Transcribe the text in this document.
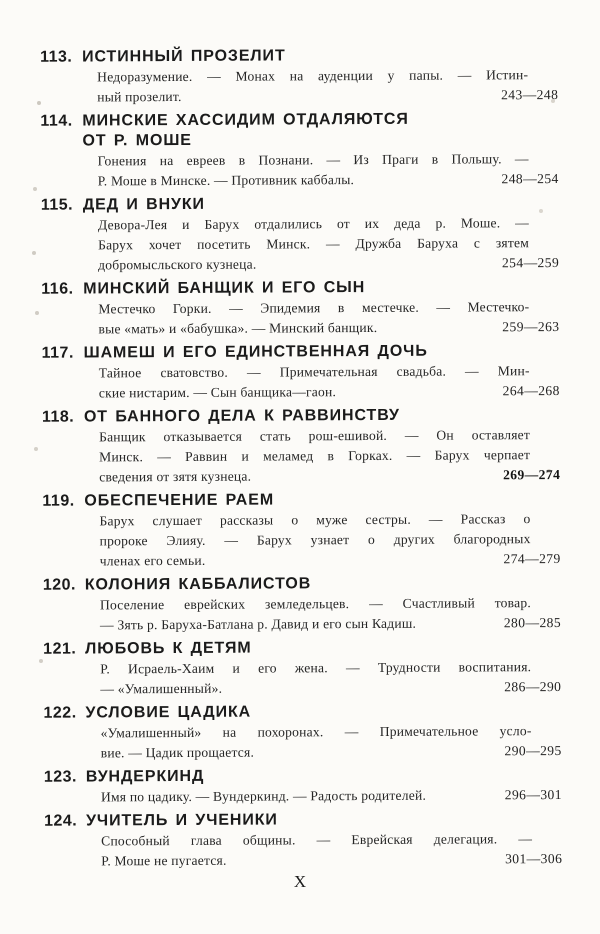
113. ИСТИННЫЙ ПРОЗЕЛИТ
Недоразумение. — Монах на ауденции у папы. — Истин-
ный прозелит.	243—248
114. МИНСКИЕ ХАССИДИМ ОТДАЛЯЮТСЯ
ОТ Р. МОШЕ
Гонения на евреев в Познани. — Из Праги в Польшу. —
Р. Моше в Минске. — Противник каббалы.	248—254
115. ДЕД И ВНУКИ
Девора-Лея и Барух отдалились от их деда р. Моше. —
Барух хочет посетить Минск. — Дружба Баруха с зятем
добромысльского кузнеца.	254—259
116. МИНСКИЙ БАНЩИК И ЕГО СЫН
Местечко Горки. — Эпидемия в местечке. — Местечко-
вые «мать» и «бабушка». — Минский банщик.	259—263
117. ШАМЕШ И ЕГО ЕДИНСТВЕННАЯ ДОЧЬ
Тайное сватовство. — Примечательная свадьба. — Мин-
ские нистарим. — Сын банщика—гаон.	264—268
118. ОТ БАННОГО ДЕЛА К РАВВИНСТВУ
Банщик отказывается стать рош-ешивой. — Он оставляет
Минск. — Раввин и меламед в Горках. — Барух черпает
сведения от зятя кузнеца.	269—274
119. ОБЕСПЕЧЕНИЕ РАЕМ
Барух слушает рассказы о муже сестры. — Рассказ о
пророке Элияу. — Барух узнает о других благородных
членах его семьи.	274—279
120. КОЛОНИЯ КАББАЛИСТОВ
Поселение еврейских земледельцев. — Счастливый товар.
— Зять р. Баруха-Батлана р. Давид и его сын Кадиш.	280—285
121. ЛЮБОВЬ К ДЕТЯМ
Р. Исраель-Хаим и его жена. — Трудности воспитания.
— «Умалишенный».	286—290
122. УСЛОВИЕ ЦАДИКА
«Умалишенный» на похоронах. — Примечательное усло-
вие. — Цадик прощается.	290—295
123. ВУНДЕРКИНД
Имя по цадику. — Вундеркинд. — Радость родителей.	296—301
124. УЧИТЕЛЬ И УЧЕНИКИ
Способный глава общины. — Еврейская делегация. —
Р. Моше не пугается.	301—306
X
